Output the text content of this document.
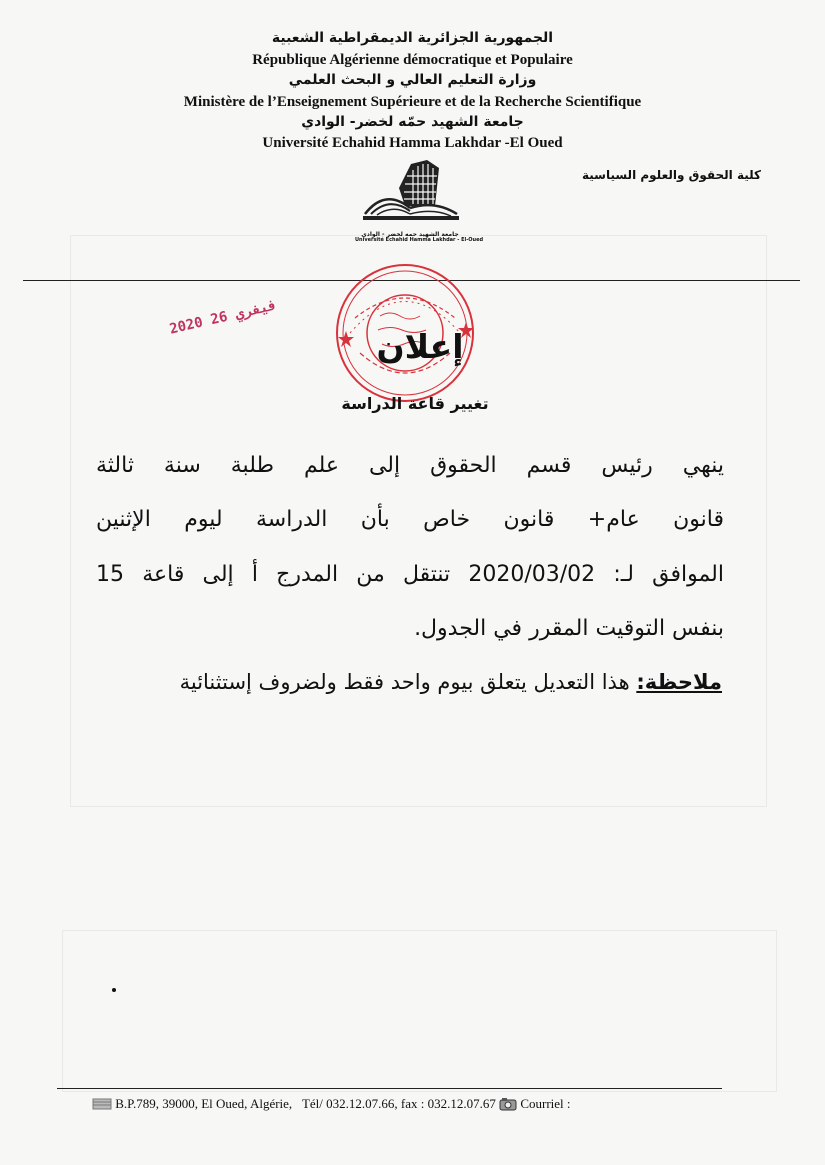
الجمهورية الجزائرية الديمقراطية الشعبية
République Algérienne démocratique et Populaire
وزارة التعليم العالي و البحث العلمي
Ministère de l’Enseignement Supérieure et de la Recherche Scientifique
جامعة الشهيد حمّه لخضر- الوادي
Université Echahid Hamma Lakhdar -El Oued
كلية الحقوق والعلوم السياسية
جامعة الشهيد حمه لخضر - الوادي
Université Echahid Hamma Lakhdar - El-Oued
2020 فيفري 26
إعلان
تغيير قاعة الدراسة
ينهي رئيس قسم الحقوق إلى علم طلبة سنة ثالثة
قانون عام+ قانون خاص بأن الدراسة ليوم الإثنين
الموافق لـ: 2020/03/02 تنتقل من المدرج أ إلى قاعة 15
بنفس التوقيت المقرر في الجدول.
ملاحظة: هذا التعديل يتعلق بيوم واحد فقط ولضروف إستثنائية
B.P.789, 39000, El Oued, Algérie, Tél/ 032.12.07.66, fax : 032.12.07.67 Courriel :
